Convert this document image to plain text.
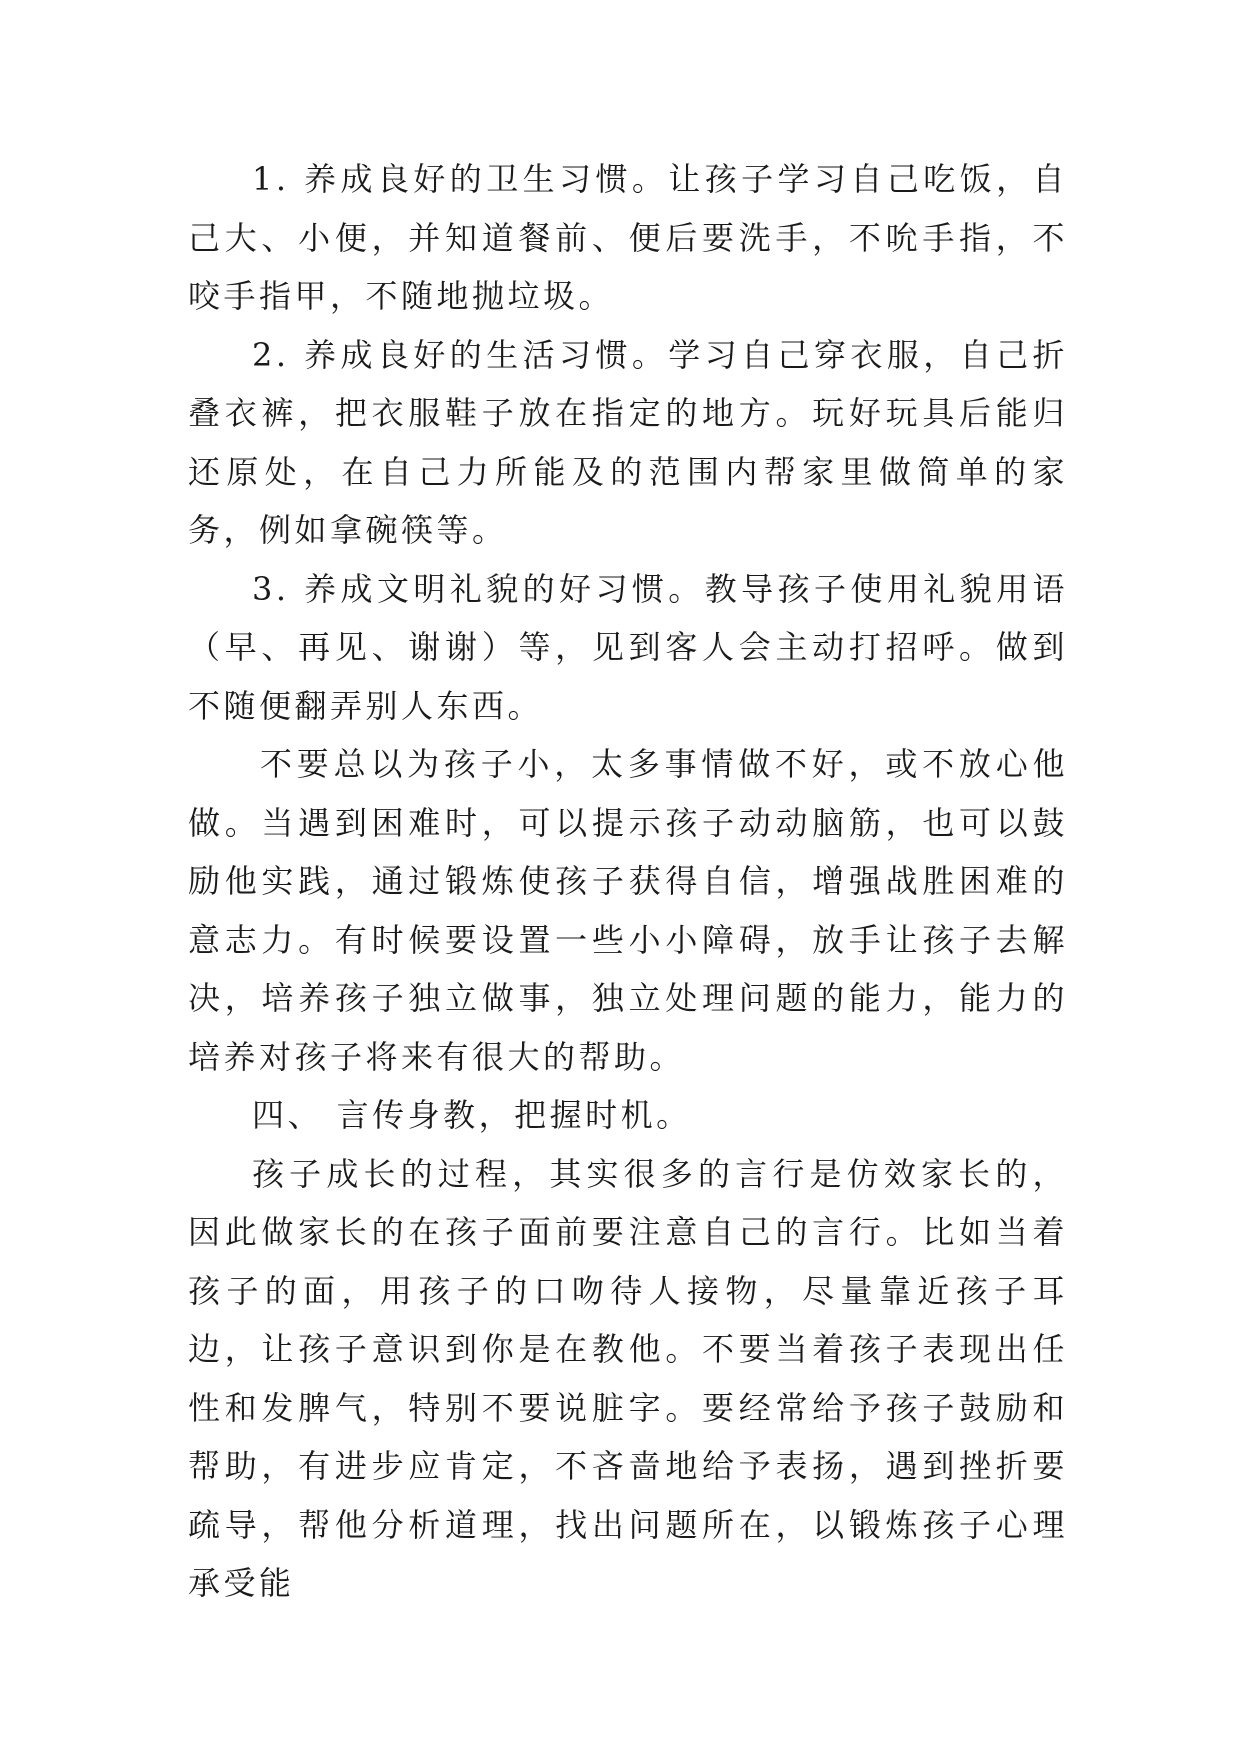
1. 养成良好的卫生习惯。让孩子学习自己吃饭，自己大、小便，并知道餐前、便后要洗手，不吮手指，不咬手指甲，不随地抛垃圾。

2. 养成良好的生活习惯。学习自己穿衣服，自己折叠衣裤，把衣服鞋子放在指定的地方。玩好玩具后能归还原处，在自己力所能及的范围内帮家里做简单的家务，例如拿碗筷等。

3. 养成文明礼貌的好习惯。教导孩子使用礼貌用语（早、再见、谢谢）等，见到客人会主动打招呼。做到不随便翻弄别人东西。

不要总以为孩子小，太多事情做不好，或不放心他做。当遇到困难时，可以提示孩子动动脑筋，也可以鼓励他实践，通过锻炼使孩子获得自信，增强战胜困难的意志力。有时候要设置一些小小障碍，放手让孩子去解决，培养孩子独立做事，独立处理问题的能力，能力的培养对孩子将来有很大的帮助。

四、 言传身教，把握时机。

孩子成长的过程，其实很多的言行是仿效家长的，因此做家长的在孩子面前要注意自己的言行。比如当着孩子的面，用孩子的口吻待人接物，尽量靠近孩子耳边，让孩子意识到你是在教他。不要当着孩子表现出任性和发脾气，特别不要说脏字。要经常给予孩子鼓励和帮助，有进步应肯定，不吝啬地给予表扬，遇到挫折要疏导，帮他分析道理，找出问题所在，以锻炼孩子心理承受能
